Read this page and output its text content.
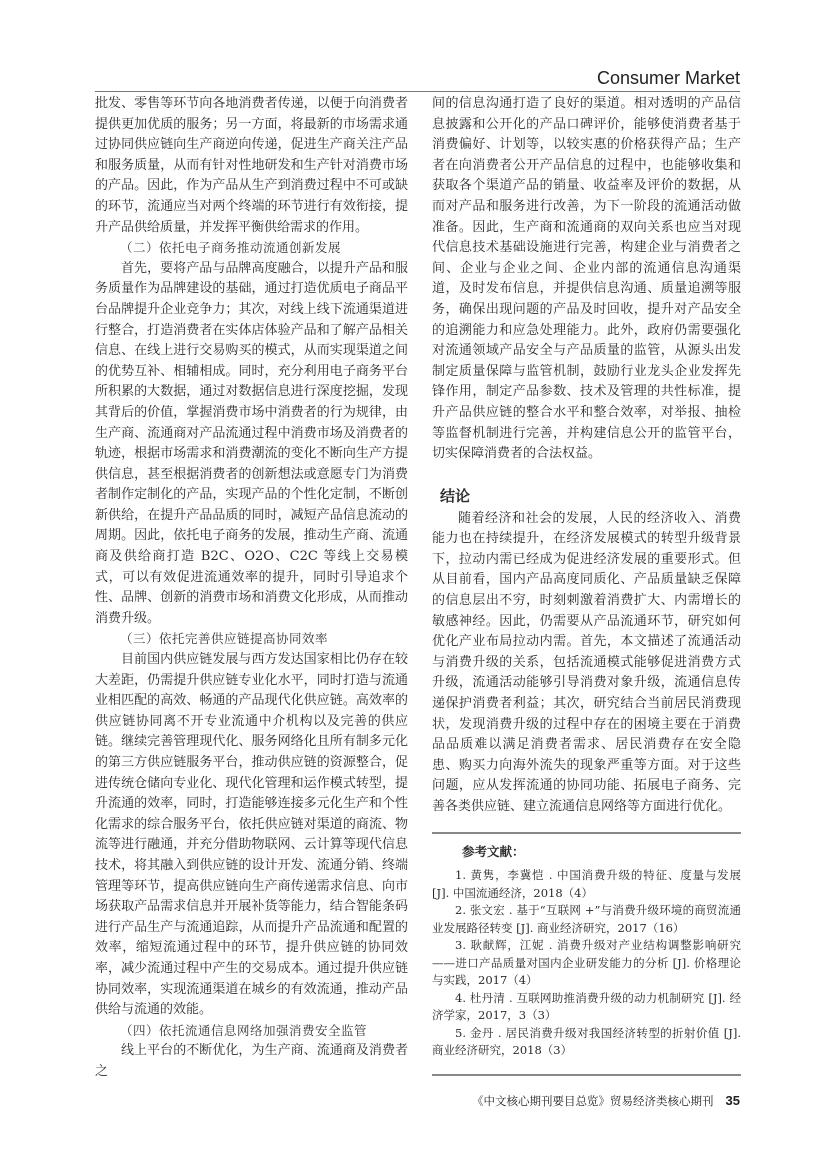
Consumer Market

批发、零售等环节向各地消费者传递，以便于向消费者提供更加优质的服务；另一方面，将最新的市场需求通过协同供应链向生产商逆向传递，促进生产商关注产品和服务质量，从而有针对性地研发和生产针对消费市场的产品。因此，作为产品从生产到消费过程中不可或缺的环节，流通应当对两个终端的环节进行有效衔接，提升产品供给质量，并发挥平衡供给需求的作用。

（二）依托电子商务推动流通创新发展

首先，要将产品与品牌高度融合，以提升产品和服务质量作为品牌建设的基础，通过打造优质电子商品平台品牌提升企业竞争力；其次，对线上线下流通渠道进行整合，打造消费者在实体店体验产品和了解产品相关信息、在线上进行交易购买的模式，从而实现渠道之间的优势互补、相辅相成。同时，充分利用电子商务平台所积累的大数据，通过对数据信息进行深度挖掘，发现其背后的价值，掌握消费市场中消费者的行为规律，由生产商、流通商对产品流通过程中消费市场及消费者的轨迹，根据市场需求和消费潮流的变化不断向生产方提供信息，甚至根据消费者的创新想法或意愿专门为消费者制作定制化的产品，实现产品的个性化定制，不断创新供给，在提升产品品质的同时，减短产品信息流动的周期。因此，依托电子商务的发展，推动生产商、流通商及供给商打造 B2C、O2O、C2C 等线上交易模式，可以有效促进流通效率的提升，同时引导追求个性、品牌、创新的消费市场和消费文化形成，从而推动消费升级。

（三）依托完善供应链提高协同效率

目前国内供应链发展与西方发达国家相比仍存在较大差距，仍需提升供应链专业化水平，同时打造与流通业相匹配的高效、畅通的产品现代化供应链。高效率的供应链协同离不开专业流通中介机构以及完善的供应链。继续完善管理现代化、服务网络化且所有制多元化的第三方供应链服务平台，推动供应链的资源整合，促进传统仓储向专业化、现代化管理和运作模式转型，提升流通的效率，同时，打造能够连接多元化生产和个性化需求的综合服务平台，依托供应链对渠道的商流、物流等进行融通，并充分借助物联网、云计算等现代信息技术，将其融入到供应链的设计开发、流通分销、终端管理等环节，提高供应链向生产商传递需求信息、向市场获取产品需求信息并开展补货等能力，结合智能条码进行产品生产与流通追踪，从而提升产品流通和配置的效率，缩短流通过程中的环节，提升供应链的协同效率，减少流通过程中产生的交易成本。通过提升供应链协同效率，实现流通渠道在城乡的有效流通，推动产品供给与流通的效能。

（四）依托流通信息网络加强消费安全监管

线上平台的不断优化，为生产商、流通商及消费者之

间的信息沟通打造了良好的渠道。相对透明的产品信息披露和公开化的产品口碑评价，能够使消费者基于消费偏好、计划等，以较实惠的价格获得产品；生产者在向消费者公开产品信息的过程中，也能够收集和获取各个渠道产品的销量、收益率及评价的数据，从而对产品和服务进行改善，为下一阶段的流通活动做准备。因此，生产商和流通商的双向关系也应当对现代信息技术基础设施进行完善，构建企业与消费者之间、企业与企业之间、企业内部的流通信息沟通渠道，及时发布信息，并提供信息沟通、质量追溯等服务，确保出现问题的产品及时回收，提升对产品安全的追溯能力和应急处理能力。此外，政府仍需要强化对流通领域产品安全与产品质量的监管，从源头出发制定质量保障与监管机制，鼓励行业龙头企业发挥先锋作用，制定产品参数、技术及管理的共性标准，提升产品供应链的整合水平和整合效率，对举报、抽检等监督机制进行完善，并构建信息公开的监管平台，切实保障消费者的合法权益。

结论

随着经济和社会的发展，人民的经济收入、消费能力也在持续提升，在经济发展模式的转型升级背景下，拉动内需已经成为促进经济发展的重要形式。但从目前看，国内产品高度同质化、产品质量缺乏保障的信息层出不穷，时刻刺激着消费扩大、内需增长的敏感神经。因此，仍需要从产品流通环节，研究如何优化产业布局拉动内需。首先，本文描述了流通活动与消费升级的关系，包括流通模式能够促进消费方式升级，流通活动能够引导消费对象升级，流通信息传递保护消费者利益；其次，研究结合当前居民消费现状，发现消费升级的过程中存在的困境主要在于消费品品质难以满足消费者需求、居民消费存在安全隐患、购买力向海外流失的现象严重等方面。对于这些问题，应从发挥流通的协同功能、拓展电子商务、完善各类供应链、建立流通信息网络等方面进行优化。

参考文献：
1. 黄隽，李冀恺 . 中国消费升级的特征、度量与发展 [J]. 中国流通经济，2018（4）
2. 张文宏 . 基于“互联网 +”与消费升级环境的商贸流通业发展路径转变 [J]. 商业经济研究，2017（16）
3. 耿献辉，江妮 . 消费升级对产业结构调整影响研究——进口产品质量对国内企业研发能力的分析 [J]. 价格理论与实践，2017（4）
4. 杜丹清 . 互联网助推消费升级的动力机制研究 [J]. 经济学家，2017，3（3）
5. 金丹 . 居民消费升级对我国经济转型的折射价值 [J]. 商业经济研究，2018（3）
《中文核心期刊要目总览》贸易经济类核心期刊 35
